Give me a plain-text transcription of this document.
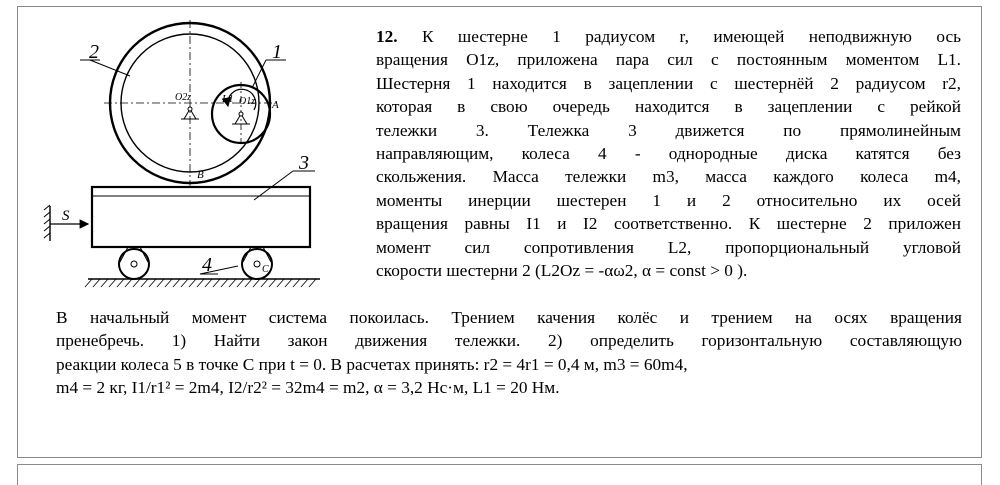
2	1
3
4
O2z	O1z
L1	A
B
C
S
12. К шестерне 1 радиусом r, имеющей неподвижную ось
вращения O1z, приложена пара сил с постоянным моментом L1.
Шестерня 1 находится в зацеплении с шестернёй 2 радиусом r2,
которая в свою очередь находится в зацеплении с рейкой
тележки 3. Тележка 3 движется по прямолинейным
направляющим, колеса 4 - однородные диска катятся без
скольжения. Масса тележки m3, масса каждого колеса m4,
моменты инерции шестерен 1 и 2 относительно их осей
вращения равны I1 и I2 соответственно. К шестерне 2 приложен
момент сил сопротивления L2, пропорциональный угловой
скорости шестерни 2 (L2Oz = -αω2, α = const > 0 ).
В начальный момент система покоилась. Трением качения колёс и трением на осях вращения
пренебречь. 1) Найти закон движения тележки. 2) определить горизонтальную составляющую
реакции колеса 5 в точке С при t = 0. В расчетах принять: r2 = 4r1 = 0,4 м, m3 = 60m4,
m4 = 2 кг, I1/r1² = 2m4, I2/r2² = 32m4 = m2, α = 3,2 Нс·м, L1 = 20 Нм.
